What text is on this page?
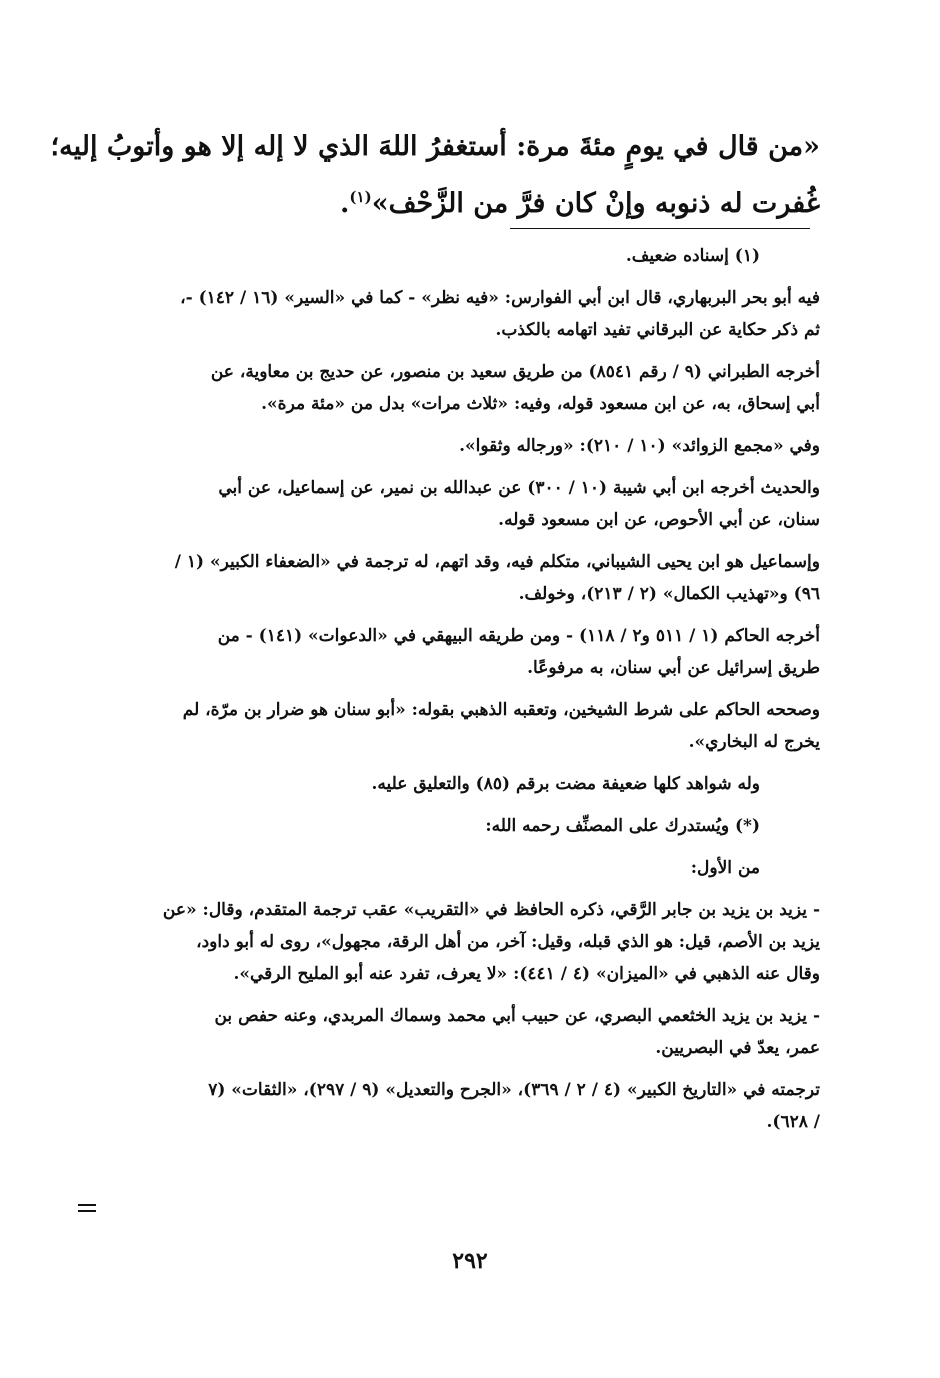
«من قال في يومٍ مئةَ مرة: أستغفرُ اللهَ الذي لا إله إلا هو وأتوبُ إليه؛
غُفرت له ذنوبه وإنْ كان فرَّ من الزَّحْف»$^{(١)}$.
(١) إسناده ضعيف.
فيه أبو بحر البربهاري، قال ابن أبي الفوارس: «فيه نظر» - كما في «السير» (١٦ / ١٤٢) -،
ثم ذكر حكاية عن البرقاني تفيد اتهامه بالكذب.
أخرجه الطبراني (٩ / رقم ٨٥٤١) من طريق سعيد بن منصور، عن حديج بن معاوية، عن
أبي إسحاق، به، عن ابن مسعود قوله، وفيه: «ثلاث مرات» بدل من «مئة مرة».
وفي «مجمع الزوائد» (١٠ / ٢١٠): «ورجاله وثقوا».
والحديث أخرجه ابن أبي شيبة (١٠ / ٣٠٠) عن عبدالله بن نمير، عن إسماعيل، عن أبي
سنان، عن أبي الأحوص، عن ابن مسعود قوله.
وإسماعيل هو ابن يحيى الشيباني، متكلم فيه، وقد اتهم، له ترجمة في «الضعفاء الكبير» (١ /
٩٦) و«تهذيب الكمال» (٢ / ٢١٣)، وخولف.
أخرجه الحاكم (١ / ٥١١ و٢ / ١١٨) - ومن طريقه البيهقي في «الدعوات» (١٤١) - من
طريق إسرائيل عن أبي سنان، به مرفوعًا.
وصححه الحاكم على شرط الشيخين، وتعقبه الذهبي بقوله: «أبو سنان هو ضرار بن مرّة، لم
يخرج له البخاري».
وله شواهد كلها ضعيفة مضت برقم (٨٥) والتعليق عليه.
(*) ويُستدرك على المصنِّف رحمه الله:
من الأول:
- يزيد بن يزيد بن جابر الرَّقي، ذكره الحافظ في «التقريب» عقب ترجمة المتقدم، وقال: «عن
يزيد بن الأصم، قيل: هو الذي قبله، وقيل: آخر، من أهل الرقة، مجهول»، روى له أبو داود،
وقال عنه الذهبي في «الميزان» (٤ / ٤٤١): «لا يعرف، تفرد عنه أبو المليح الرقي».
- يزيد بن يزيد الخثعمي البصري، عن حبيب أبي محمد وسماك المربدي، وعنه حفص بن
عمر، يعدّ في البصريين.
ترجمته في «التاريخ الكبير» (٤ / ٢ / ٣٦٩)، «الجرح والتعديل» (٩ / ٢٩٧)، «الثقات» (٧
/ ٦٢٨).
٢٩٢
